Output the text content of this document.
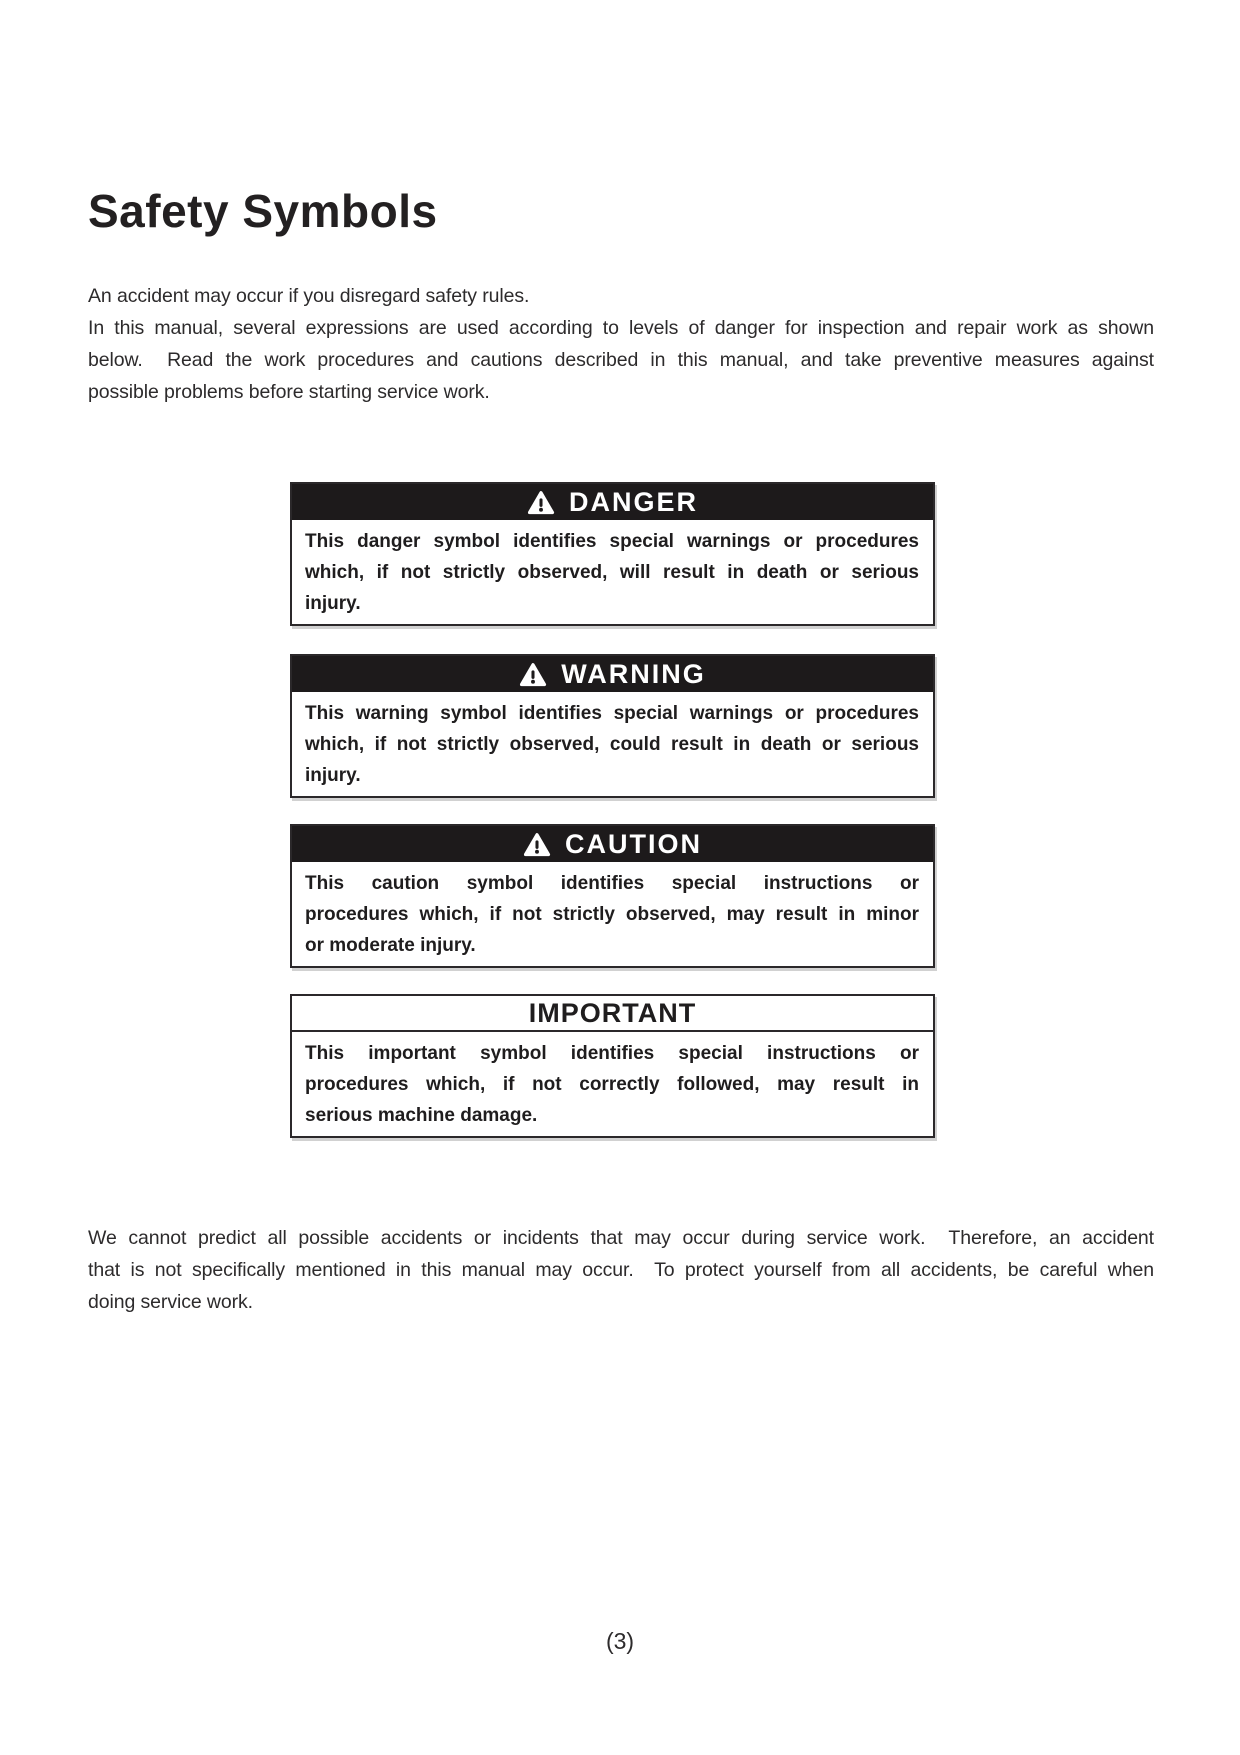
Safety Symbols
An accident may occur if you disregard safety rules.
In this manual, several expressions are used according to levels of danger for inspection and repair work as shown
below.  Read the work procedures and cautions described in this manual, and take preventive measures against
possible problems before starting service work.
DANGER
This danger symbol identifies special warnings or procedures
which, if not strictly observed, will result in death or serious
injury.
WARNING
This warning symbol identifies special warnings or procedures
which, if not strictly observed, could result in death or serious
injury.
CAUTION
This caution symbol identifies special instructions or
procedures which, if not strictly observed, may result in minor
or moderate injury.
IMPORTANT
This important symbol identifies special instructions or
procedures which, if not correctly followed, may result in
serious machine damage.
We cannot predict all possible accidents or incidents that may occur during service work.  Therefore, an accident
that is not specifically mentioned in this manual may occur.  To protect yourself from all accidents, be careful when
doing service work.
(3)
